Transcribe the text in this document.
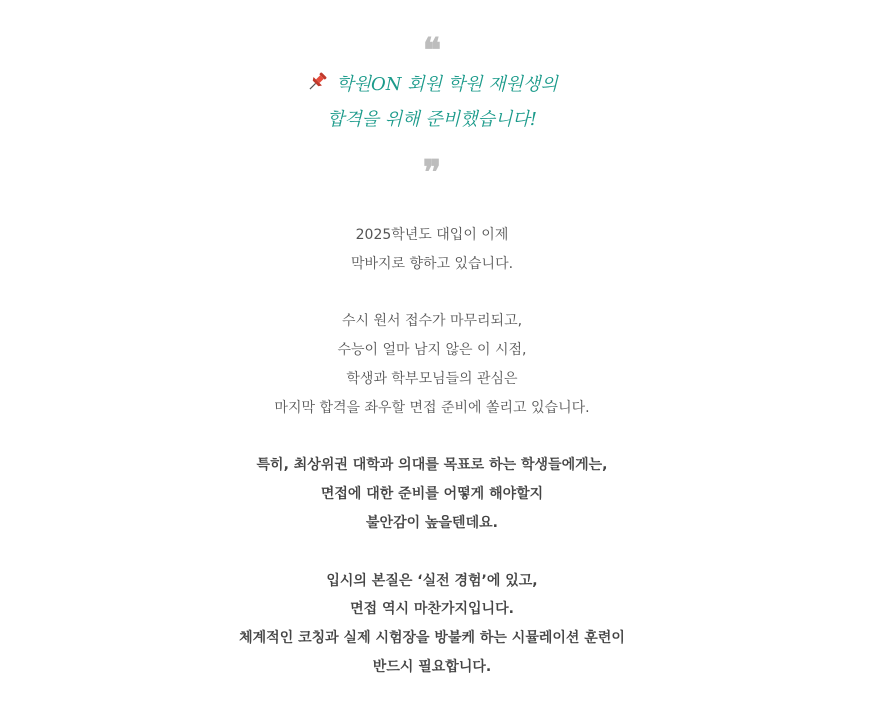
❝
학원ON 회원 학원 재원생의
합격을 위해 준비했습니다!
❞
2025학년도 대입이 이제
막바지로 향하고 있습니다.
수시 원서 접수가 마무리되고,
수능이 얼마 남지 않은 이 시점,
학생과 학부모님들의 관심은
마지막 합격을 좌우할 면접 준비에 쏠리고 있습니다.
특히, 최상위권 대학과 의대를 목표로 하는 학생들에게는,
면접에 대한 준비를 어떻게 해야할지
불안감이 높을텐데요.
입시의 본질은 ‘실전 경험’에 있고,
면접 역시 마찬가지입니다.
체계적인 코칭과 실제 시험장을 방불케 하는 시뮬레이션 훈련이
반드시 필요합니다.
